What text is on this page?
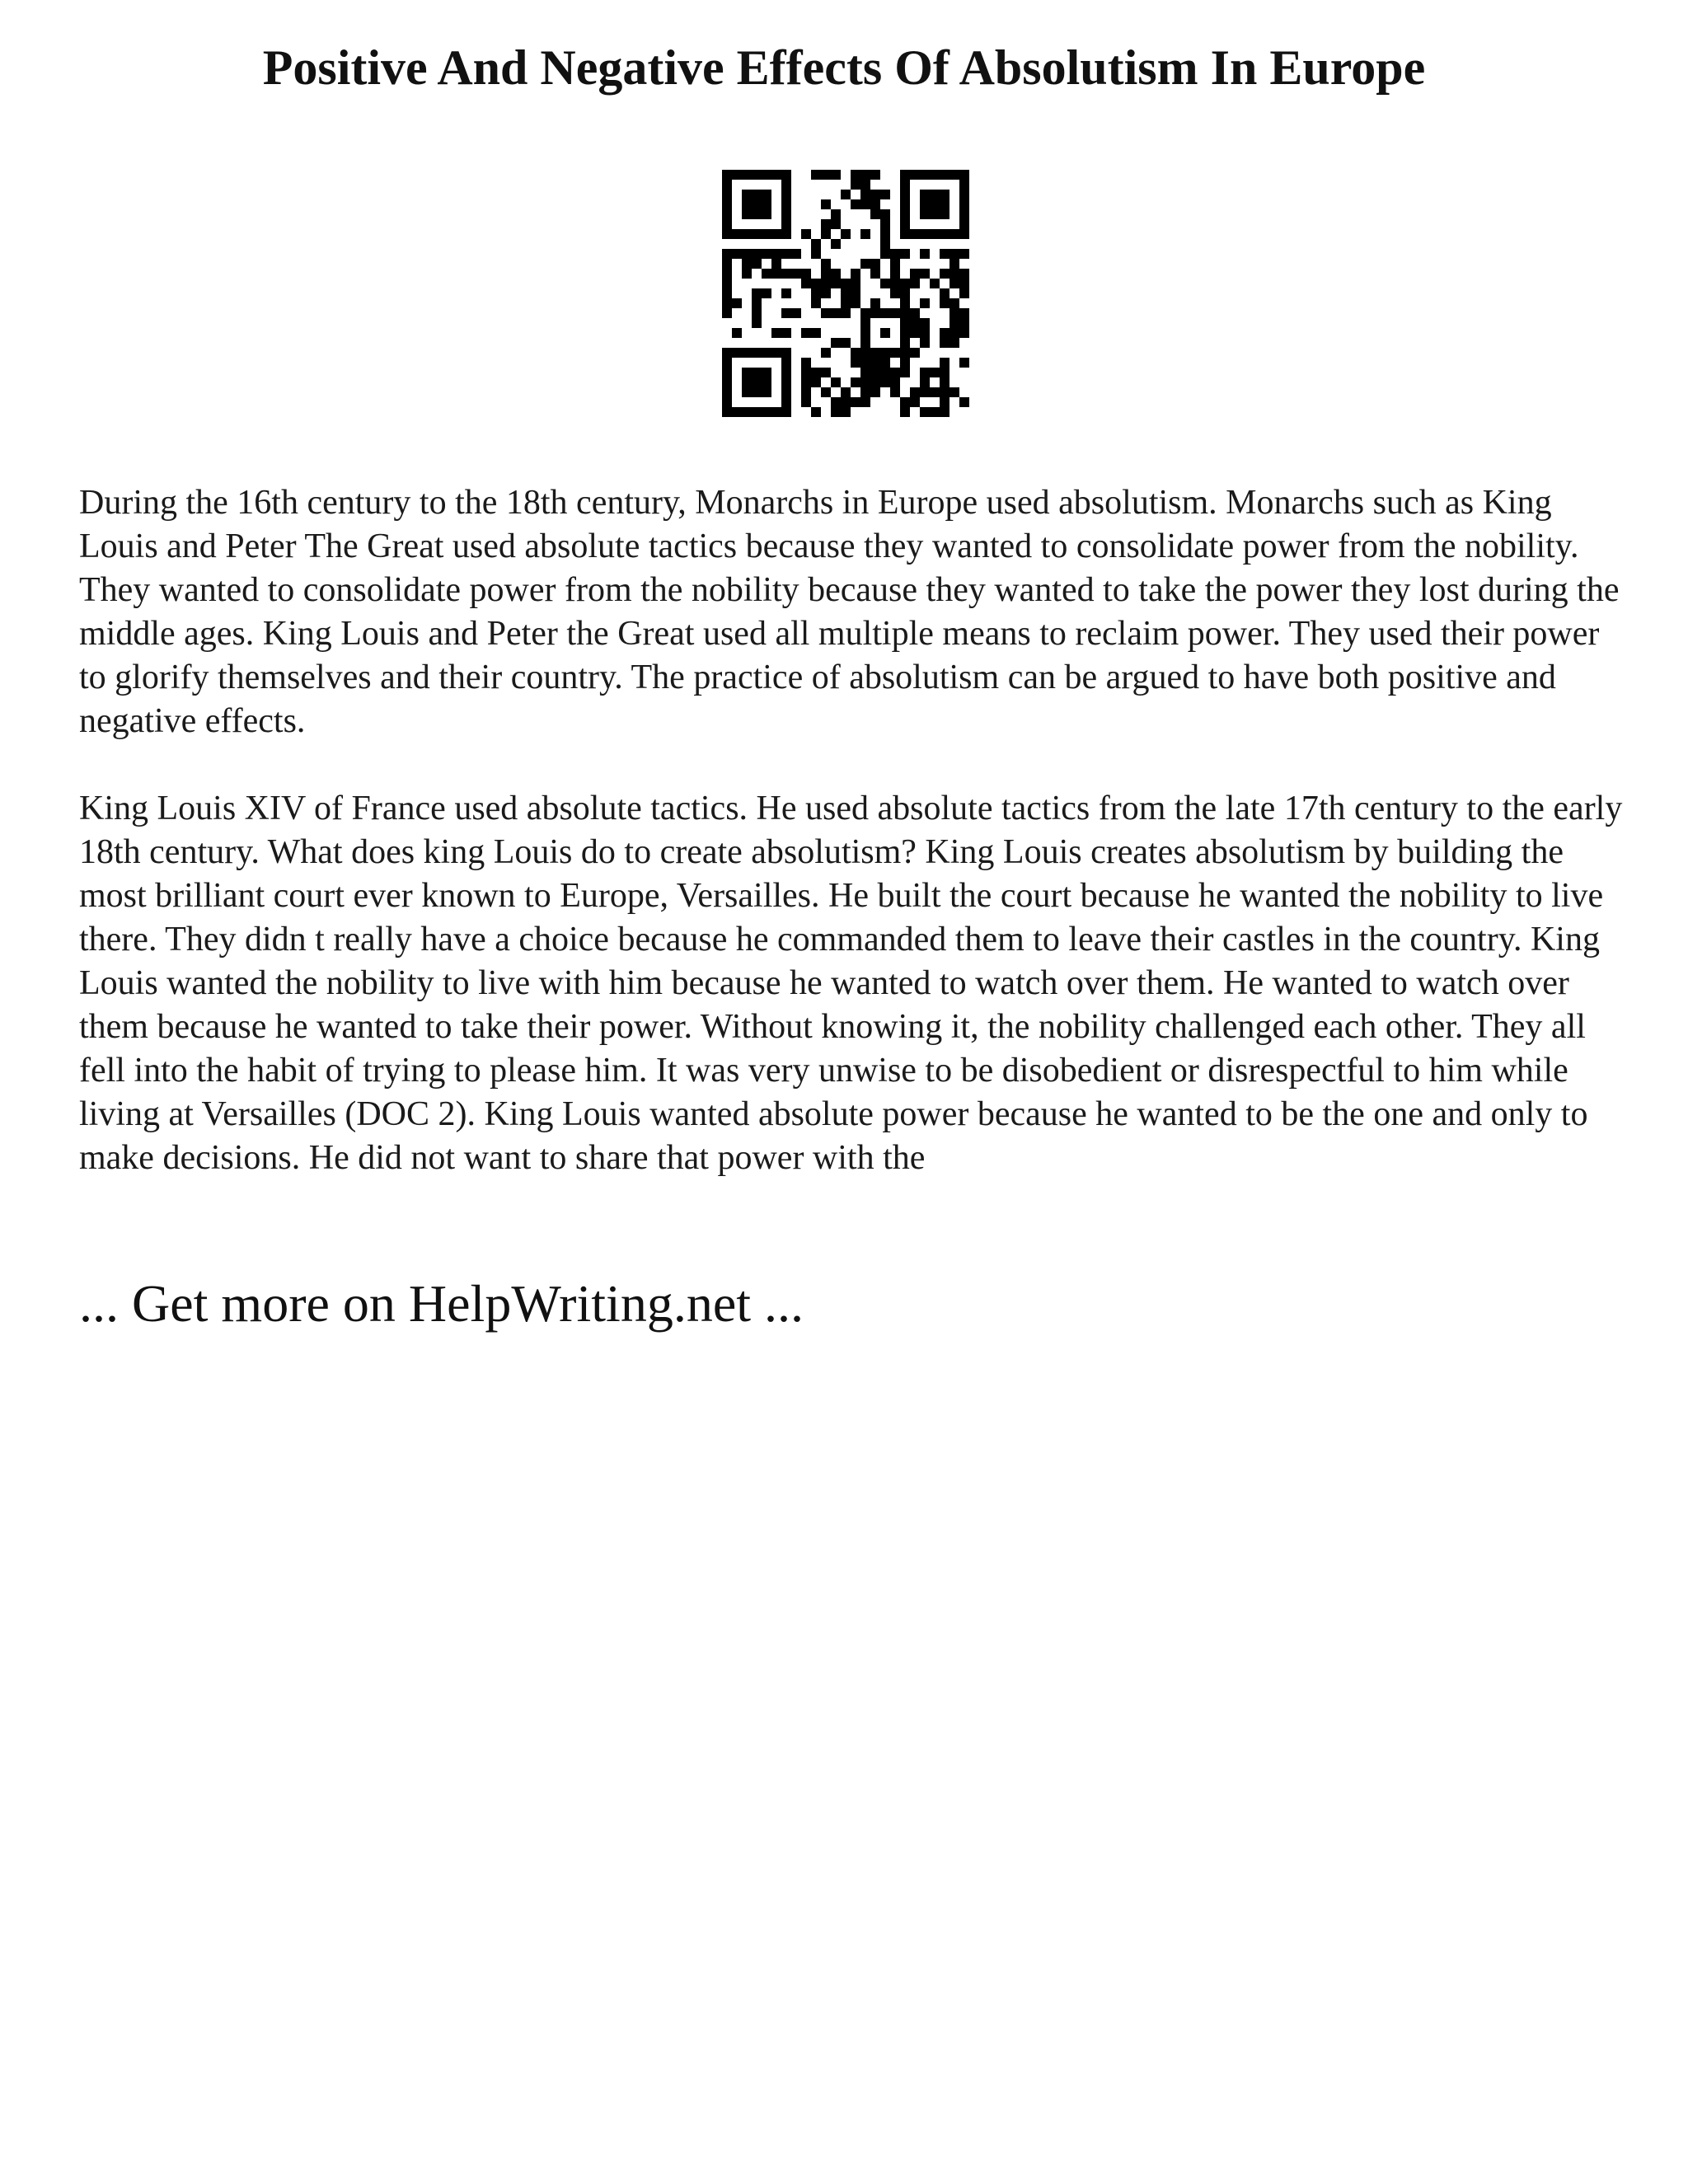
Positive And Negative Effects Of Absolutism In Europe

During the 16th century to the 18th century, Monarchs in Europe used absolutism. Monarchs such as King Louis and Peter The Great used absolute tactics because they wanted to consolidate power from the nobility. They wanted to consolidate power from the nobility because they wanted to take the power they lost during the middle ages. King Louis and Peter the Great used all multiple means to reclaim power. They used their power to glorify themselves and their country. The practice of absolutism can be argued to have both positive and negative effects.

King Louis XIV of France used absolute tactics. He used absolute tactics from the late 17th century to the early 18th century. What does king Louis do to create absolutism? King Louis creates absolutism by building the most brilliant court ever known to Europe, Versailles. He built the court because he wanted the nobility to live there. They didn t really have a choice because he commanded them to leave their castles in the country. King Louis wanted the nobility to live with him because he wanted to watch over them. He wanted to watch over them because he wanted to take their power. Without knowing it, the nobility challenged each other. They all fell into the habit of trying to please him. It was very unwise to be disobedient or disrespectful to him while living at Versailles (DOC 2). King Louis wanted absolute power because he wanted to be the one and only to make decisions. He did not want to share that power with the

... Get more on HelpWriting.net ...
